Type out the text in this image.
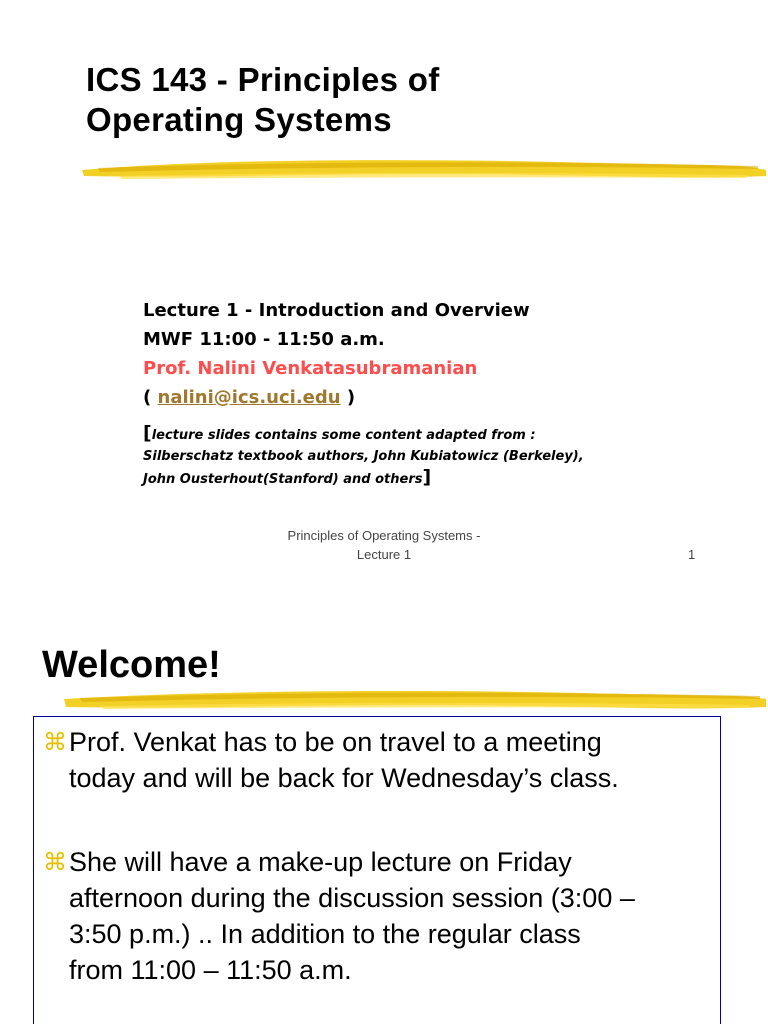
ICS 143 - Principles of
Operating Systems
Lecture 1 - Introduction and Overview
MWF 11:00 - 11:50 a.m.
Prof. Nalini Venkatasubramanian
( nalini@ics.uci.edu )
[lecture slides contains some content adapted from :
Silberschatz textbook authors, John Kubiatowicz (Berkeley),
John Ousterhout(Stanford) and others]
Principles of Operating Systems -
Lecture 1	1
Welcome!
⌘ Prof. Venkat has to be on travel to a meeting
today and will be back for Wednesday’s class.
⌘ She will have a make-up lecture on Friday
afternoon during the discussion session (3:00 –
3:50 p.m.) .. In addition to the regular class
from 11:00 – 11:50 a.m.
